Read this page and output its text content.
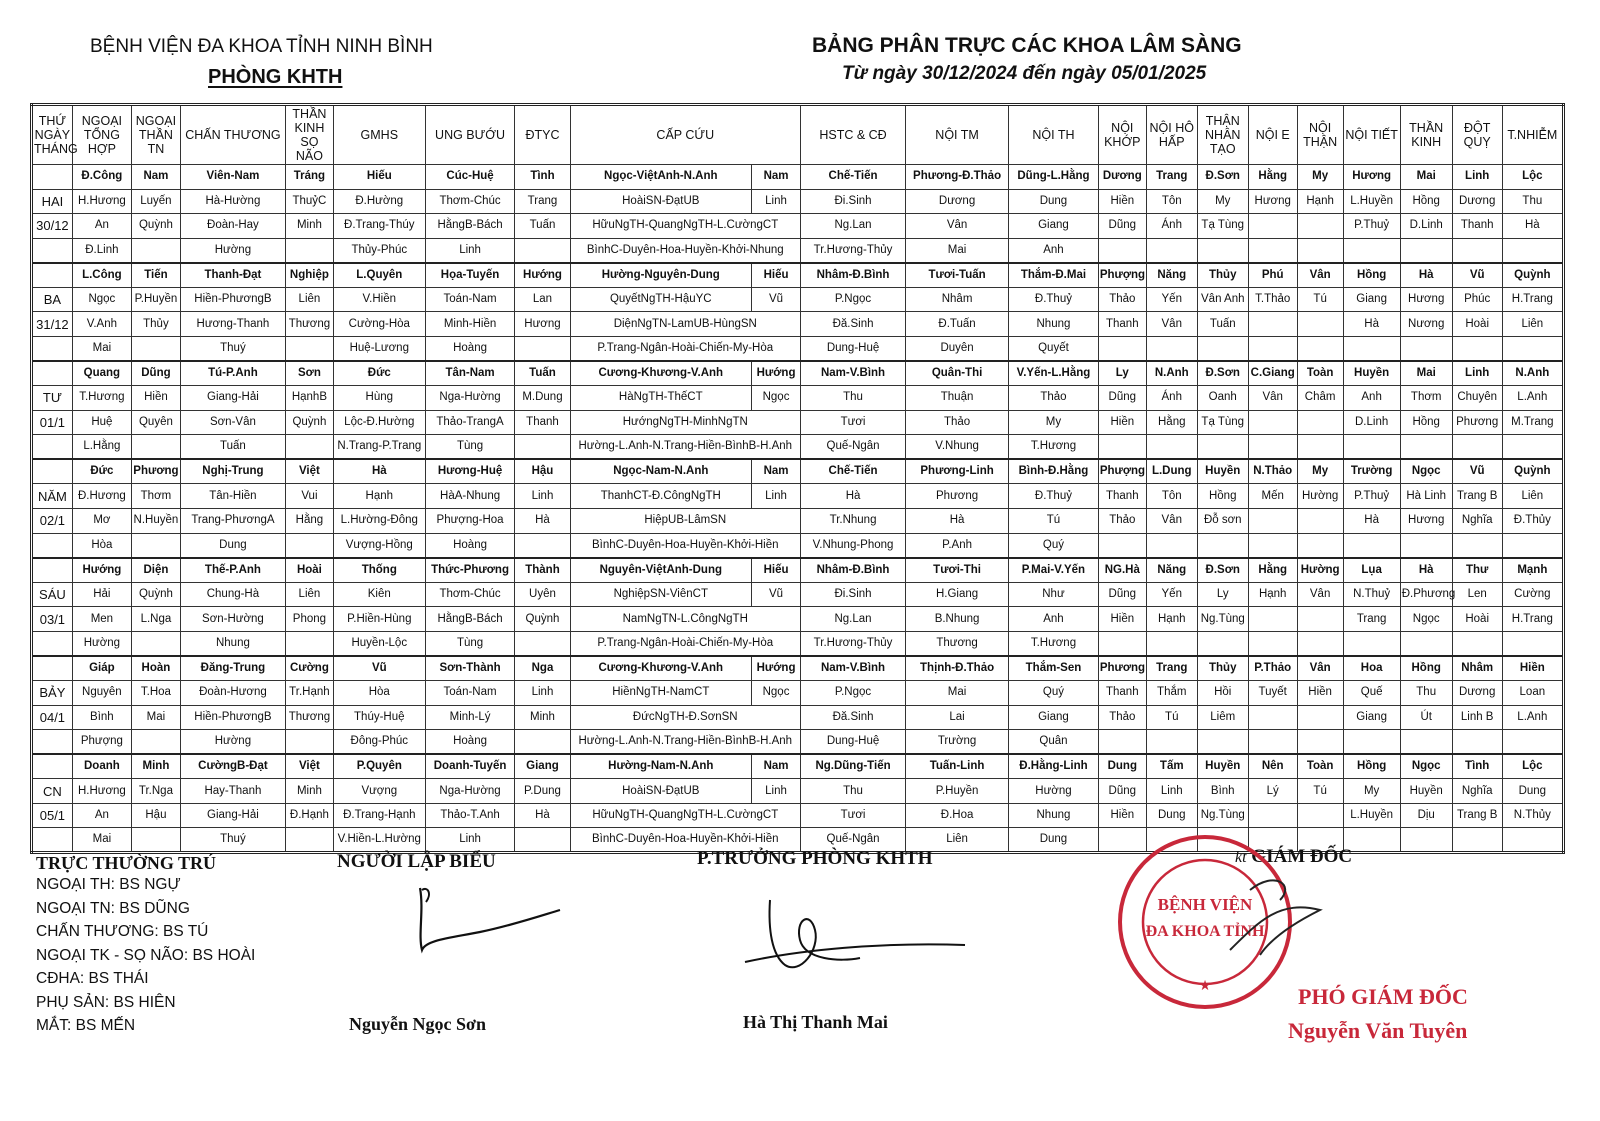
BỆNH VIỆN ĐA KHOA TỈNH NINH BÌNH
PHÒNG KHTH
BẢNG PHÂN TRỰC CÁC KHOA LÂM SÀNG
Từ ngày 30/12/2024 đến ngày 05/01/2025
THỨ NGÀY THÁNG	NGOẠI TỔNG HỢP	NGOẠI THẦN TN	CHẤN THƯƠNG	THẦN KINH SỌ NÃO	GMHS	UNG BƯỚU	ĐTYC	CẤP CỨU		HSTC & CĐ	NỘI TM	NỘI TH	NỘI KHỚP	NỘI HÔ HẤP	THẬN NHÂN TẠO	NỘI E	NỘI THẬN	NỘI TIẾT	THẦN KINH	ĐỘT QUỴ	T.NHIỄM
	Đ.Công	Nam	Viên-Nam	Tráng	Hiếu	Cúc-Huệ	Tình	Ngọc-ViệtAnh-N.Anh	Nam	Chế-Tiến	Phương-Đ.Thảo	Dũng-L.Hằng	Dương	Trang	Đ.Sơn	Hằng	My	Hương	Mai	Linh	Lộc
HAI	H.Hương	Luyến	Hà-Hường	ThuỷC	Đ.Hường	Thơm-Chúc	Trang	HoàiSN-ĐạtUB	Linh	Đi.Sinh	Dương	Dung	Hiền	Tôn	My	Hương	Hạnh	L.Huyền	Hồng	Dương	Thu
30/12	An	Quỳnh	Đoàn-Hay	Minh	Đ.Trang-Thúy	HằngB-Bách	Tuấn	HữuNgTH-QuangNgTH-L.CườngCT		Ng.Lan	Vân	Giang	Dũng	Ánh	Tạ Tùng			P.Thuỷ	D.Linh	Thanh	Hà
	Đ.Linh		Hường		Thủy-Phúc	Linh		BìnhC-Duyên-Hoa-Huyền-Khởi-Nhung		Tr.Hương-Thủy	Mai	Anh									
	L.Công	Tiến	Thanh-Đạt	Nghiệp	L.Quyên	Họa-Tuyến	Hướng	Hường-Nguyên-Dung	Hiếu	Nhâm-Đ.Bình	Tươi-Tuấn	Thắm-Đ.Mai	Phượng	Năng	Thủy	Phú	Vân	Hồng	Hà	Vũ	Quỳnh
BA	Ngọc	P.Huyền	Hiền-PhươngB	Liên	V.Hiền	Toán-Nam	Lan	QuyếtNgTH-HậuYC	Vũ	P.Ngọc	Nhâm	Đ.Thuỷ	Thảo	Yến	Vân Anh	T.Thảo	Tú	Giang	Hương	Phúc	H.Trang
31/12	V.Anh	Thủy	Hương-Thanh	Thương	Cường-Hòa	Minh-Hiền	Hương	DiệnNgTN-LamUB-HùngSN		Đă.Sinh	Đ.Tuấn	Nhung	Thanh	Vân	Tuấn			Hà	Nương	Hoài	Liên
	Mai		Thuý		Huệ-Lương	Hoàng		P.Trang-Ngân-Hoài-Chiến-My-Hòa		Dung-Huệ	Duyên	Quyết									
	Quang	Dũng	Tú-P.Anh	Sơn	Đức	Tân-Nam	Tuấn	Cương-Khương-V.Anh	Hướng	Nam-V.Bình	Quân-Thi	V.Yến-L.Hằng	Ly	N.Anh	Đ.Sơn	C.Giang	Toàn	Huyền	Mai	Linh	N.Anh
TƯ	T.Hương	Hiền	Giang-Hải	HạnhB	Hùng	Nga-Hường	M.Dung	HàNgTH-ThếCT	Ngọc	Thu	Thuận	Thảo	Dũng	Ánh	Oanh	Vân	Châm	Anh	Thơm	Chuyên	L.Anh
01/1	Huệ	Quyên	Sơn-Vân	Quỳnh	Lộc-Đ.Hường	Thảo-TrangA	Thanh	HướngNgTH-MinhNgTN		Tươi	Thảo	My	Hiền	Hằng	Tạ Tùng			D.Linh	Hồng	Phương	M.Trang
	L.Hằng		Tuấn		N.Trang-P.Trang	Tùng		Hường-L.Anh-N.Trang-Hiền-BìnhB-H.Anh		Quế-Ngân	V.Nhung	T.Hương									
	Đức	Phương	Nghị-Trung	Việt	Hà	Hương-Huệ	Hậu	Ngọc-Nam-N.Anh	Nam	Chế-Tiến	Phương-Linh	Bình-Đ.Hằng	Phượng	L.Dung	Huyền	N.Thảo	My	Trường	Ngọc	Vũ	Quỳnh
NĂM	Đ.Hương	Thơm	Tân-Hiền	Vui	Hạnh	HàA-Nhung	Linh	ThanhCT-Đ.CôngNgTH	Linh	Hà	Phương	Đ.Thuỷ	Thanh	Tôn	Hồng	Mến	Hường	P.Thuỷ	Hà Linh	Trang B	Liên
02/1	Mơ	N.Huyền	Trang-PhươngA	Hằng	L.Hường-Đông	Phượng-Hoa	Hà	HiệpUB-LâmSN		Tr.Nhung	Hà	Tú	Thảo	Vân	Đỗ sơn			Hà	Hương	Nghĩa	Đ.Thủy
	Hòa		Dung		Vượng-Hồng	Hoàng		BìnhC-Duyên-Hoa-Huyền-Khởi-Hiền		V.Nhung-Phong	P.Anh	Quý									
	Hướng	Diện	Thế-P.Anh	Hoài	Thống	Thức-Phương	Thành	Nguyên-ViệtAnh-Dung	Hiếu	Nhâm-Đ.Bình	Tươi-Thi	P.Mai-V.Yến	NG.Hà	Năng	Đ.Sơn	Hằng	Hường	Lụa	Hà	Thư	Mạnh
SÁU	Hải	Quỳnh	Chung-Hà	Liên	Kiên	Thơm-Chúc	Uyên	NghiệpSN-ViênCT	Vũ	Đi.Sinh	H.Giang	Như	Dũng	Yến	Ly	Hạnh	Vân	N.Thuỷ	Đ.Phương	Len	Cường
03/1	Men	L.Nga	Sơn-Hường	Phong	P.Hiền-Hùng	HằngB-Bách	Quỳnh	NamNgTN-L.CôngNgTH		Ng.Lan	B.Nhung	Anh	Hiền	Hạnh	Ng.Tùng			Trang	Ngọc	Hoài	H.Trang
	Hường		Nhung		Huyền-Lộc	Tùng		P.Trang-Ngân-Hoài-Chiến-My-Hòa		Tr.Hương-Thủy	Thương	T.Hương									
	Giáp	Hoàn	Đăng-Trung	Cường	Vũ	Sơn-Thành	Nga	Cương-Khương-V.Anh	Hướng	Nam-V.Bình	Thịnh-Đ.Thảo	Thắm-Sen	Phương	Trang	Thủy	P.Thảo	Vân	Hoa	Hồng	Nhâm	Hiền
BẢY	Nguyên	T.Hoa	Đoàn-Hương	Tr.Hạnh	Hòa	Toán-Nam	Linh	HiềnNgTH-NamCT	Ngọc	P.Ngọc	Mai	Quý	Thanh	Thắm	Hồi	Tuyết	Hiền	Quế	Thu	Dương	Loan
04/1	Bình	Mai	Hiền-PhươngB	Thương	Thúy-Huệ	Minh-Lý	Minh	ĐứcNgTH-Đ.SơnSN		Đă.Sinh	Lai	Giang	Thảo	Tú	Liêm			Giang	Út	Linh B	L.Anh
	Phượng		Hường		Đông-Phúc	Hoàng		Hường-L.Anh-N.Trang-Hiền-BìnhB-H.Anh		Dung-Huệ	Trường	Quân									
	Doanh	Minh	CườngB-Đạt	Việt	P.Quyên	Doanh-Tuyến	Giang	Hường-Nam-N.Anh	Nam	Ng.Dũng-Tiến	Tuấn-Linh	Đ.Hằng-Linh	Dung	Tấm	Huyền	Nên	Toàn	Hồng	Ngọc	Tình	Lộc
CN	H.Hương	Tr.Nga	Hay-Thanh	Minh	Vượng	Nga-Hường	P.Dung	HoàiSN-ĐạtUB	Linh	Thu	P.Huyền	Hường	Dũng	Linh	Bình	Lý	Tú	My	Huyền	Nghĩa	Dung
05/1	An	Hậu	Giang-Hải	Đ.Hạnh	Đ.Trang-Hạnh	Thảo-T.Anh	Hà	HữuNgTH-QuangNgTH-L.CườngCT		Tươi	Đ.Hoa	Nhung	Hiền	Dung	Ng.Tùng			L.Huyền	Dịu	Trang B	N.Thủy
	Mai		Thuý		V.Hiền-L.Hường	Linh		BìnhC-Duyên-Hoa-Huyền-Khởi-Hiền		Quế-Ngân	Liên	Dung									
TRỰC THƯỜNG TRÚ
NGOẠI TH: BS NGỰ
NGOẠI TN: BS DŨNG
CHẤN THƯƠNG: BS TÚ
NGOẠI TK - SỌ NÃO: BS HOÀI
CĐHA: BS THÁI
PHỤ SẢN: BS HIÊN
MẮT: BS MẾN
NGƯỜI LẬP BIỂU	P.TRƯỞNG PHÒNG KHTH	kt GIÁM ĐỐC
Nguyễn Ngọc Sơn	Hà Thị Thanh Mai
PHÓ GIÁM ĐỐC
Nguyễn Văn Tuyên
BỆNH VIỆN
ĐA KHOA TỈNH
★
